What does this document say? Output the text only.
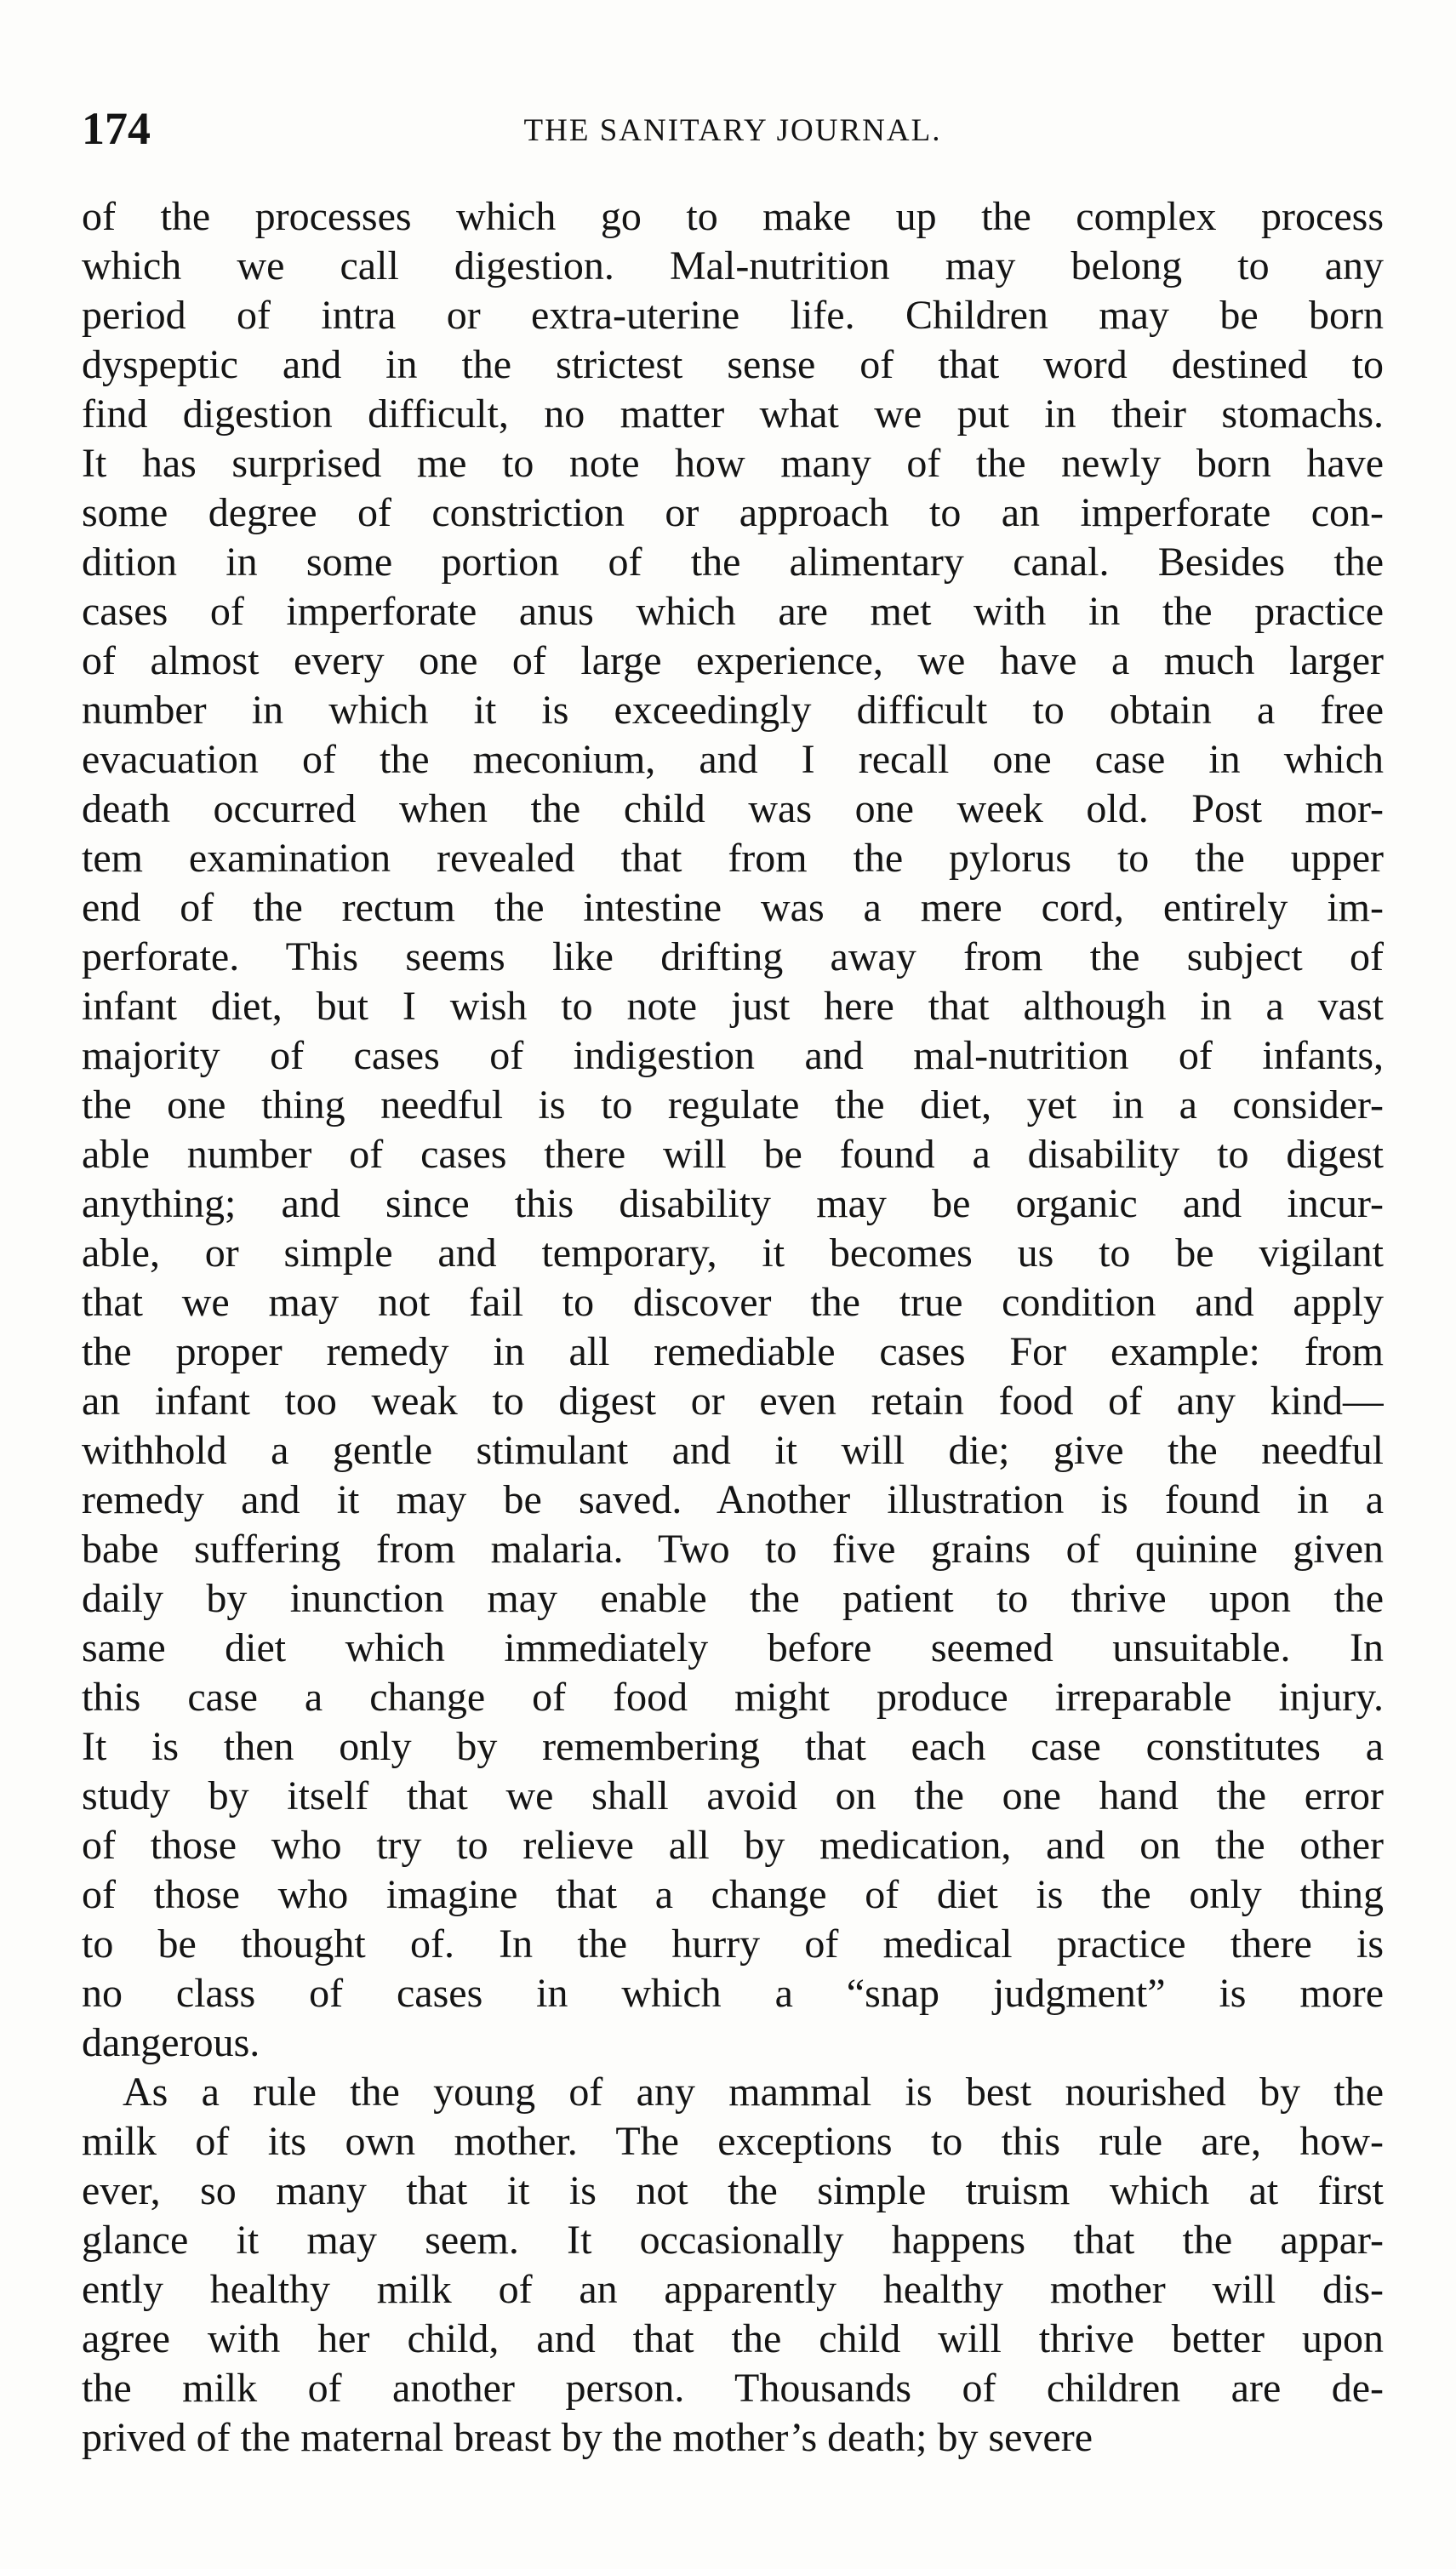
174	THE SANITARY JOURNAL.
of the processes which go to make up the complex process
which we call digestion. Mal-nutrition may belong to any
period of intra or extra-uterine life. Children may be born
dyspeptic and in the strictest sense of that word destined to
find digestion difficult, no matter what we put in their stomachs.
It has surprised me to note how many of the newly born have
some degree of constriction or approach to an imperforate con-
dition in some portion of the alimentary canal. Besides the
cases of imperforate anus which are met with in the practice
of almost every one of large experience, we have a much larger
number in which it is exceedingly difficult to obtain a free
evacuation of the meconium, and I recall one case in which
death occurred when the child was one week old. Post mor-
tem examination revealed that from the pylorus to the upper
end of the rectum the intestine was a mere cord, entirely im-
perforate. This seems like drifting away from the subject of
infant diet, but I wish to note just here that although in a vast
majority of cases of indigestion and mal-nutrition of infants,
the one thing needful is to regulate the diet, yet in a consider-
able number of cases there will be found a disability to digest
anything; and since this disability may be organic and incur-
able, or simple and temporary, it becomes us to be vigilant
that we may not fail to discover the true condition and apply
the proper remedy in all remediable cases For example: from
an infant too weak to digest or even retain food of any kind—
withhold a gentle stimulant and it will die; give the needful
remedy and it may be saved. Another illustration is found in a
babe suffering from malaria. Two to five grains of quinine given
daily by inunction may enable the patient to thrive upon the
same diet which immediately before seemed unsuitable. In
this case a change of food might produce irreparable injury.
It is then only by remembering that each case constitutes a
study by itself that we shall avoid on the one hand the error
of those who try to relieve all by medication, and on the other
of those who imagine that a change of diet is the only thing
to be thought of. In the hurry of medical practice there is
no class of cases in which a “snap judgment” is more
dangerous.
As a rule the young of any mammal is best nourished by the
milk of its own mother. The exceptions to this rule are, how-
ever, so many that it is not the simple truism which at first
glance it may seem. It occasionally happens that the appar-
ently healthy milk of an apparently healthy mother will dis-
agree with her child, and that the child will thrive better upon
the milk of another person. Thousands of children are de-
prived of the maternal breast by the mother’s death; by severe
